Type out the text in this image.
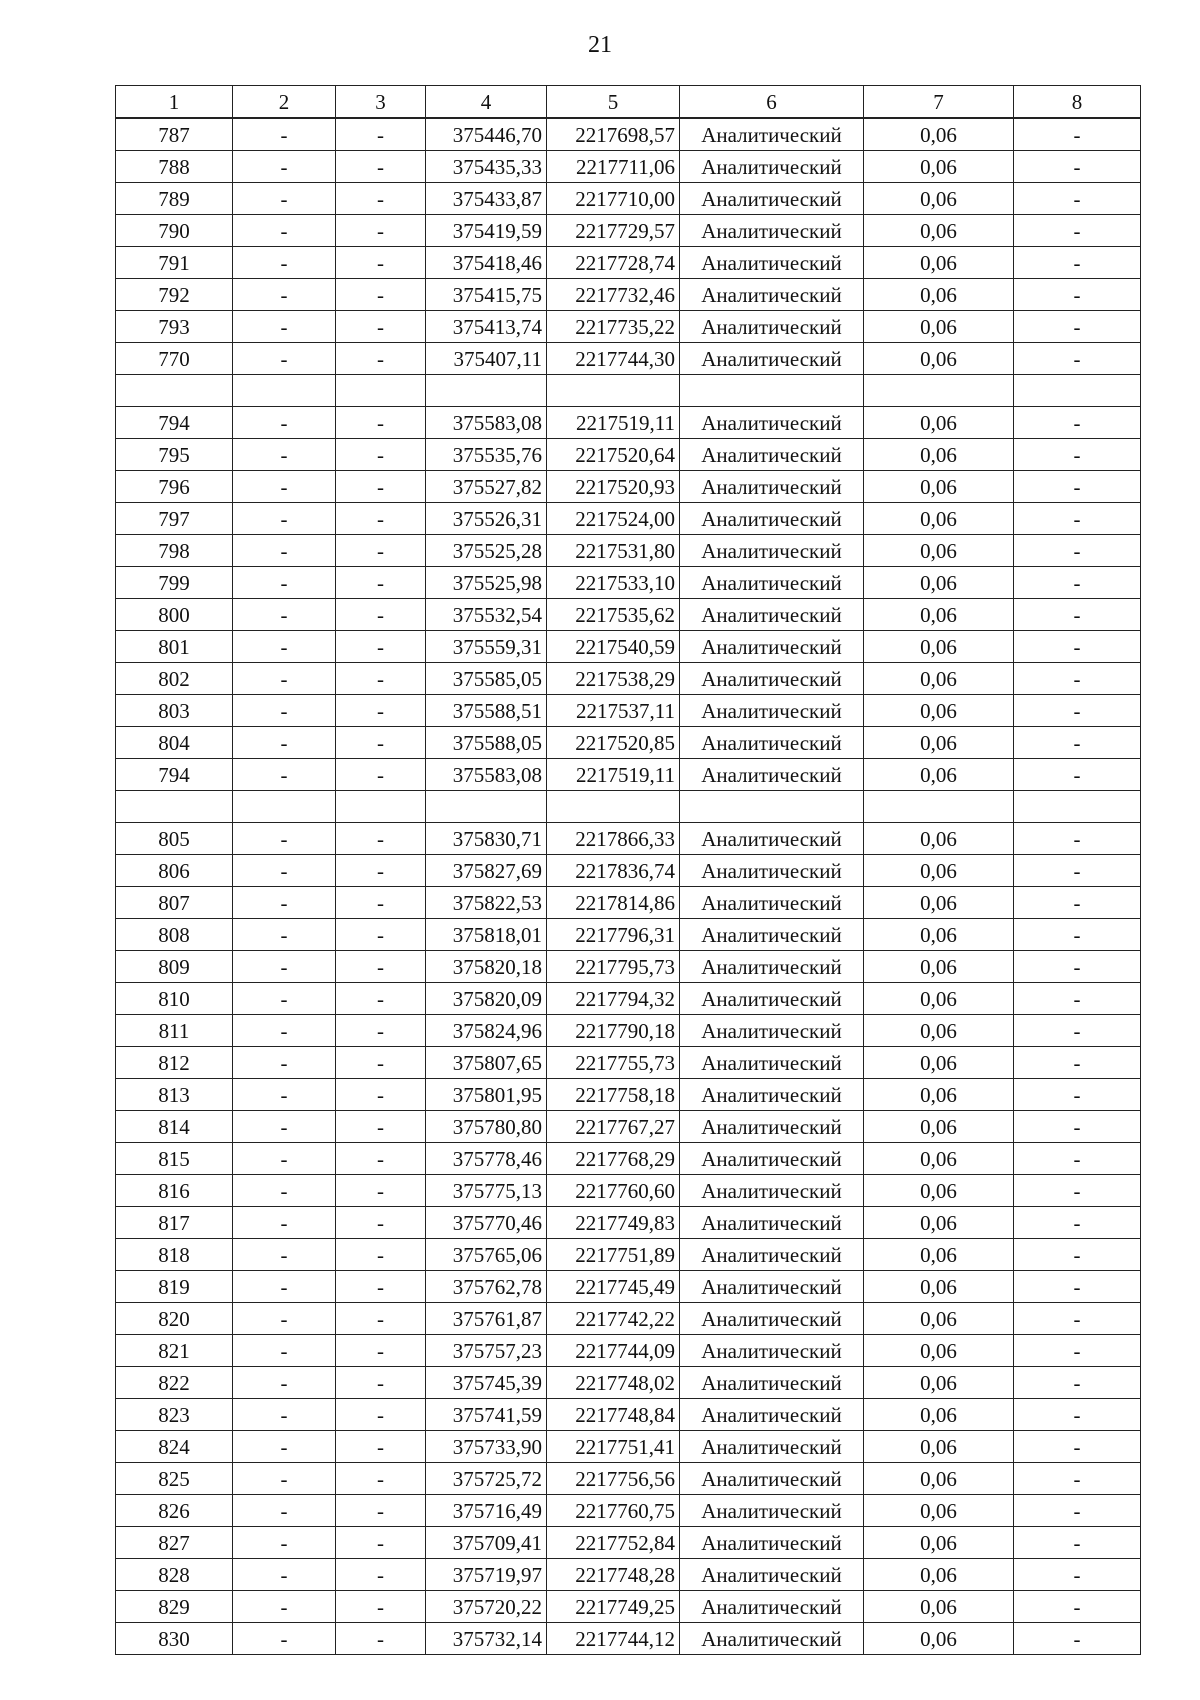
21
1	2	3	4	5	6	7	8
787	-	-	375446,70	2217698,57	Аналитический	0,06	-
788	-	-	375435,33	2217711,06	Аналитический	0,06	-
789	-	-	375433,87	2217710,00	Аналитический	0,06	-
790	-	-	375419,59	2217729,57	Аналитический	0,06	-
791	-	-	375418,46	2217728,74	Аналитический	0,06	-
792	-	-	375415,75	2217732,46	Аналитический	0,06	-
793	-	-	375413,74	2217735,22	Аналитический	0,06	-
770	-	-	375407,11	2217744,30	Аналитический	0,06	-

794	-	-	375583,08	2217519,11	Аналитический	0,06	-
795	-	-	375535,76	2217520,64	Аналитический	0,06	-
796	-	-	375527,82	2217520,93	Аналитический	0,06	-
797	-	-	375526,31	2217524,00	Аналитический	0,06	-
798	-	-	375525,28	2217531,80	Аналитический	0,06	-
799	-	-	375525,98	2217533,10	Аналитический	0,06	-
800	-	-	375532,54	2217535,62	Аналитический	0,06	-
801	-	-	375559,31	2217540,59	Аналитический	0,06	-
802	-	-	375585,05	2217538,29	Аналитический	0,06	-
803	-	-	375588,51	2217537,11	Аналитический	0,06	-
804	-	-	375588,05	2217520,85	Аналитический	0,06	-
794	-	-	375583,08	2217519,11	Аналитический	0,06	-

805	-	-	375830,71	2217866,33	Аналитический	0,06	-
806	-	-	375827,69	2217836,74	Аналитический	0,06	-
807	-	-	375822,53	2217814,86	Аналитический	0,06	-
808	-	-	375818,01	2217796,31	Аналитический	0,06	-
809	-	-	375820,18	2217795,73	Аналитический	0,06	-
810	-	-	375820,09	2217794,32	Аналитический	0,06	-
811	-	-	375824,96	2217790,18	Аналитический	0,06	-
812	-	-	375807,65	2217755,73	Аналитический	0,06	-
813	-	-	375801,95	2217758,18	Аналитический	0,06	-
814	-	-	375780,80	2217767,27	Аналитический	0,06	-
815	-	-	375778,46	2217768,29	Аналитический	0,06	-
816	-	-	375775,13	2217760,60	Аналитический	0,06	-
817	-	-	375770,46	2217749,83	Аналитический	0,06	-
818	-	-	375765,06	2217751,89	Аналитический	0,06	-
819	-	-	375762,78	2217745,49	Аналитический	0,06	-
820	-	-	375761,87	2217742,22	Аналитический	0,06	-
821	-	-	375757,23	2217744,09	Аналитический	0,06	-
822	-	-	375745,39	2217748,02	Аналитический	0,06	-
823	-	-	375741,59	2217748,84	Аналитический	0,06	-
824	-	-	375733,90	2217751,41	Аналитический	0,06	-
825	-	-	375725,72	2217756,56	Аналитический	0,06	-
826	-	-	375716,49	2217760,75	Аналитический	0,06	-
827	-	-	375709,41	2217752,84	Аналитический	0,06	-
828	-	-	375719,97	2217748,28	Аналитический	0,06	-
829	-	-	375720,22	2217749,25	Аналитический	0,06	-
830	-	-	375732,14	2217744,12	Аналитический	0,06	-
